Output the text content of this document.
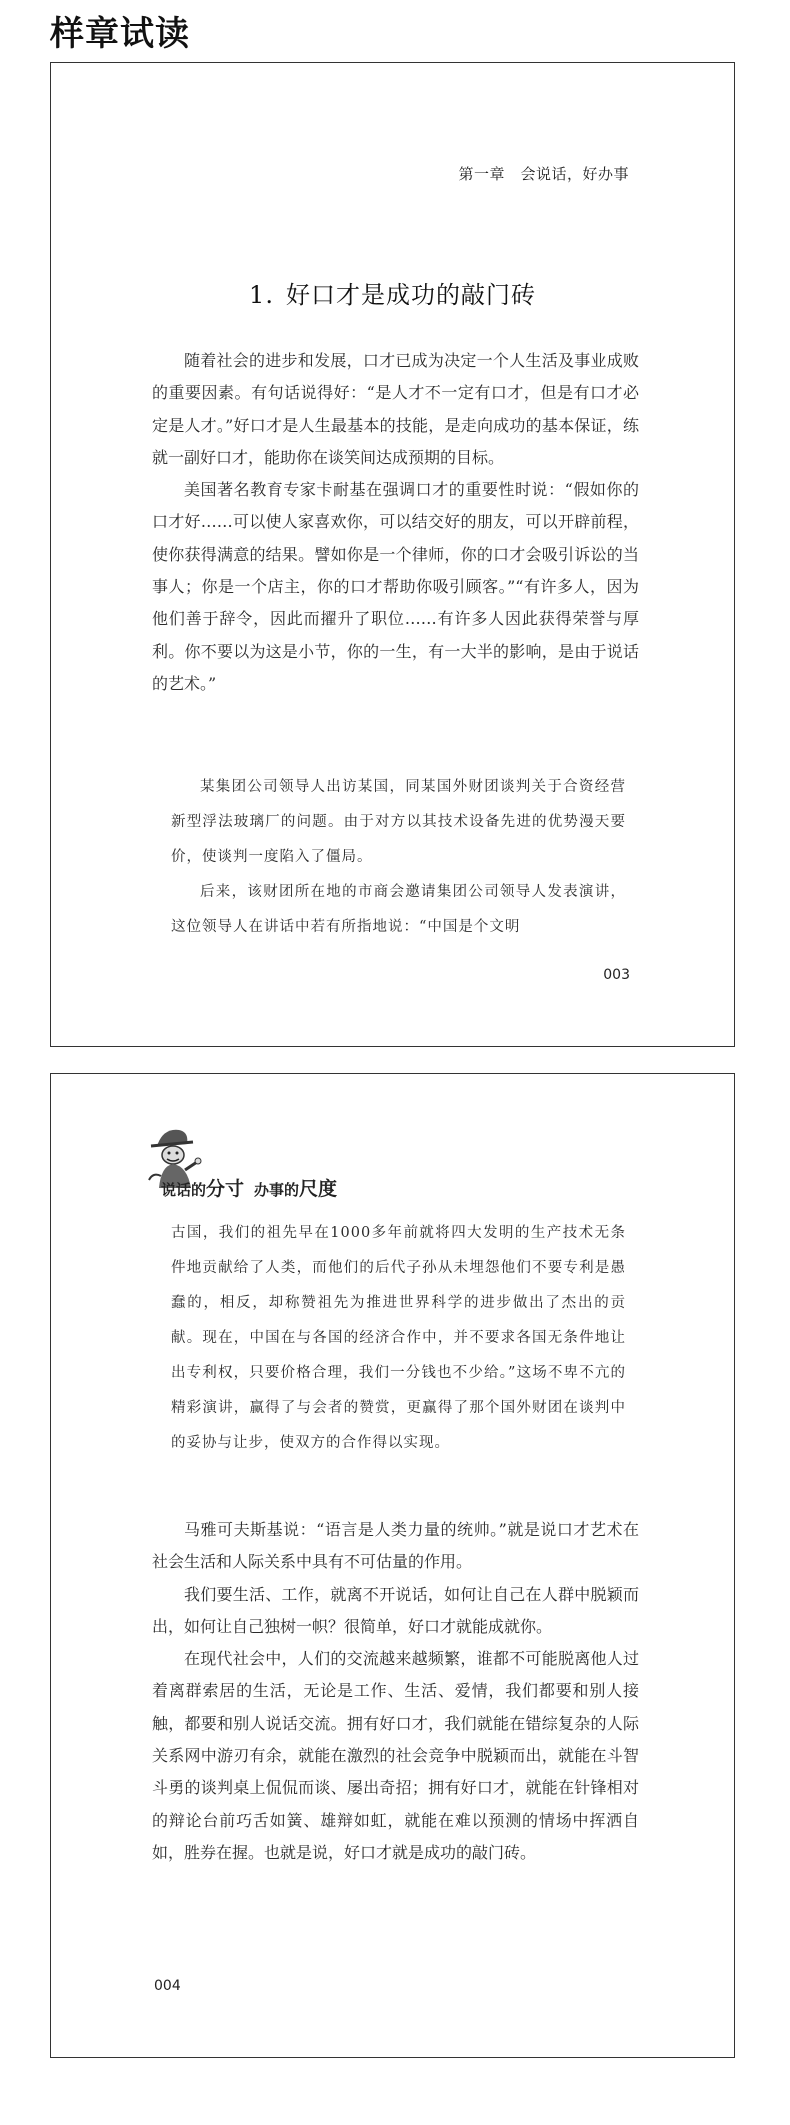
样章试读
第一章　会说话，好办事
1. 好口才是成功的敲门砖

随着社会的进步和发展，口才已成为决定一个人生活及事业成败的重要因素。有句话说得好：“是人才不一定有口才，但是有口才必定是人才。”好口才是人生最基本的技能，是走向成功的基本保证，练就一副好口才，能助你在谈笑间达成预期的目标。

美国著名教育专家卡耐基在强调口才的重要性时说：“假如你的口才好……可以使人家喜欢你，可以结交好的朋友，可以开辟前程，使你获得满意的结果。譬如你是一个律师，你的口才会吸引诉讼的当事人；你是一个店主，你的口才帮助你吸引顾客。”“有许多人，因为他们善于辞令，因此而擢升了职位……有许多人因此获得荣誉与厚利。你不要以为这是小节，你的一生，有一大半的影响，是由于说话的艺术。”

某集团公司领导人出访某国，同某国外财团谈判关于合资经营新型浮法玻璃厂的问题。由于对方以其技术设备先进的优势漫天要价，使谈判一度陷入了僵局。

后来，该财团所在地的市商会邀请集团公司领导人发表演讲，这位领导人在讲话中若有所指地说：“中国是个文明

003
说话的分寸 办事的尺度

古国，我们的祖先早在1000多年前就将四大发明的生产技术无条件地贡献给了人类，而他们的后代子孙从未埋怨他们不要专利是愚蠢的，相反，却称赞祖先为推进世界科学的进步做出了杰出的贡献。现在，中国在与各国的经济合作中，并不要求各国无条件地让出专利权，只要价格合理，我们一分钱也不少给。”这场不卑不亢的精彩演讲，赢得了与会者的赞赏，更赢得了那个国外财团在谈判中的妥协与让步，使双方的合作得以实现。

马雅可夫斯基说：“语言是人类力量的统帅。”就是说口才艺术在社会生活和人际关系中具有不可估量的作用。

我们要生活、工作，就离不开说话，如何让自己在人群中脱颖而出，如何让自己独树一帜？很简单，好口才就能成就你。

在现代社会中，人们的交流越来越频繁，谁都不可能脱离他人过着离群索居的生活，无论是工作、生活、爱情，我们都要和别人接触，都要和别人说话交流。拥有好口才，我们就能在错综复杂的人际关系网中游刃有余，就能在激烈的社会竞争中脱颖而出，就能在斗智斗勇的谈判桌上侃侃而谈、屡出奇招；拥有好口才，就能在针锋相对的辩论台前巧舌如簧、雄辩如虹，就能在难以预测的情场中挥洒自如，胜券在握。也就是说，好口才就是成功的敲门砖。

004
